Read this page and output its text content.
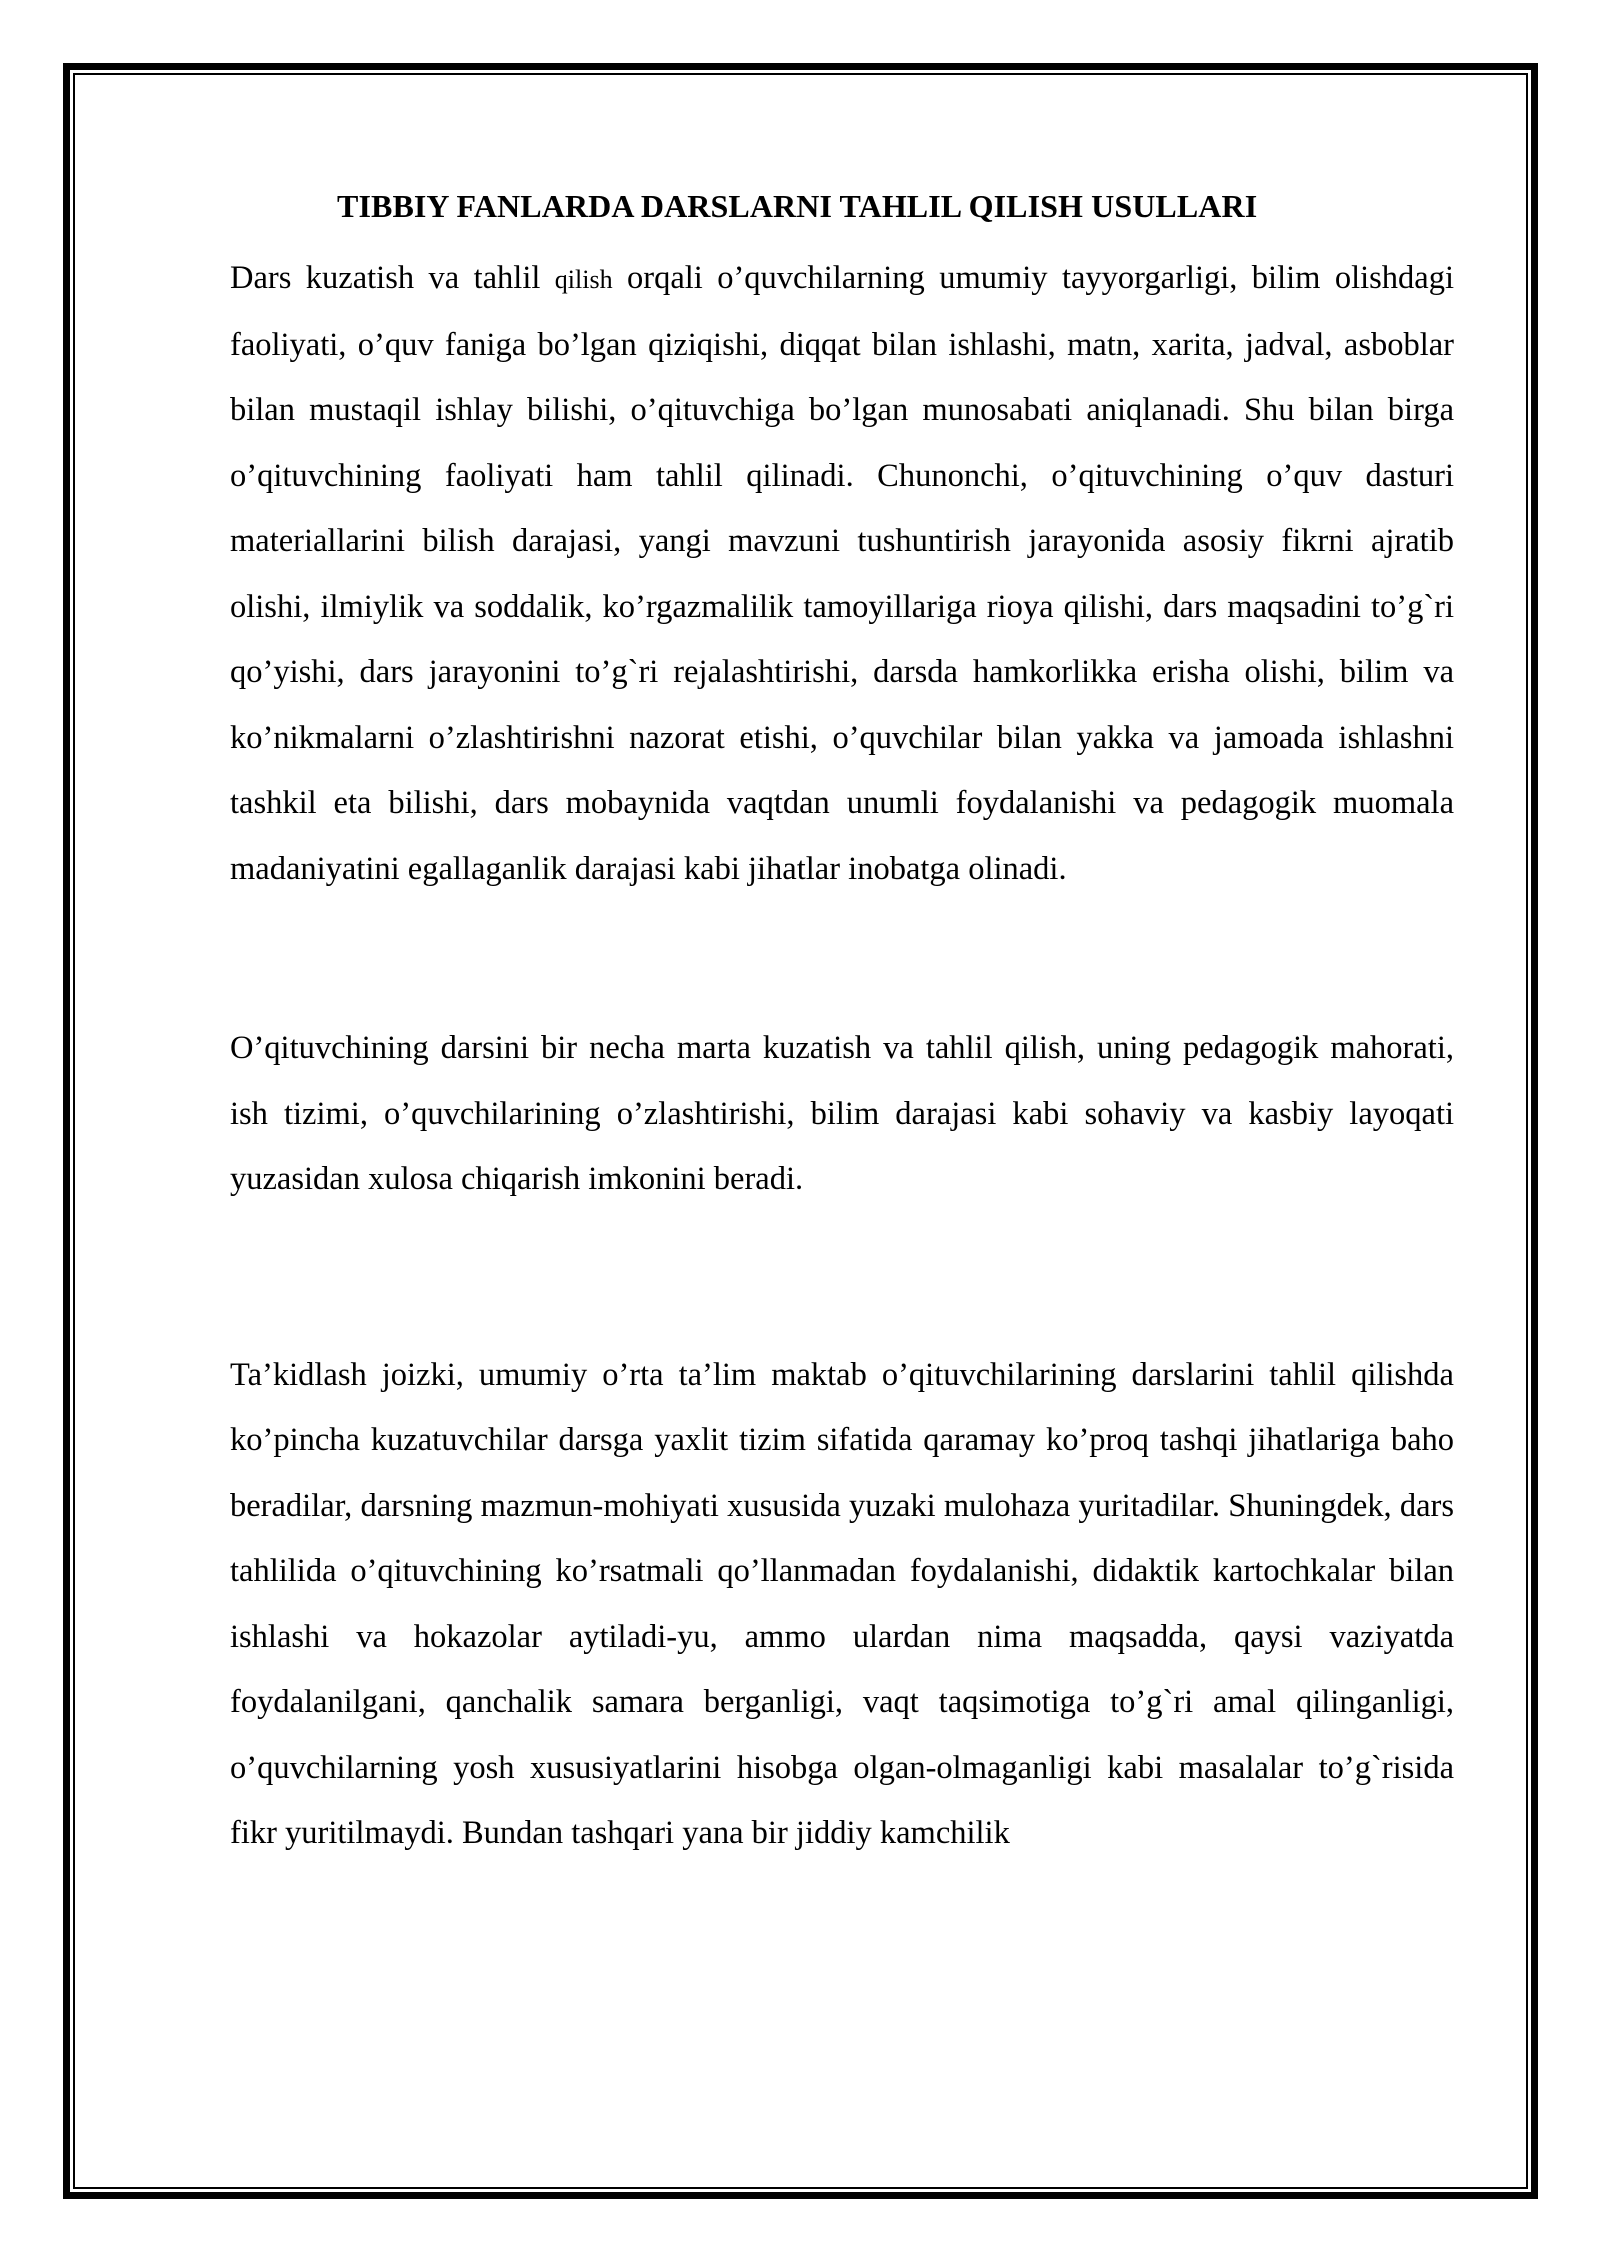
TIBBIY FANLARDA DARSLARNI TAHLIL QILISH USULLARI

Dars kuzatish va tahlil qilish orqali o’quvchilarning umumiy tayyorgarligi, bilim olishdagi faoliyati, o’quv faniga bo’lgan qiziqishi, diqqat bilan ishlashi, matn, xarita, jadval, asboblar bilan mustaqil ishlay bilishi, o’qituvchiga bo’lgan munosabati aniqlanadi. Shu bilan birga o’qituvchining faoliyati ham tahlil qilinadi. Chunonchi, o’qituvchining o’quv dasturi materiallarini bilish darajasi, yangi mavzuni tushuntirish jarayonida asosiy fikrni ajratib olishi, ilmiylik va soddalik, ko’rgazmalilik tamoyillariga rioya qilishi, dars maqsadini to’g`ri qo’yishi, dars jarayonini to’g`ri rejalashtirishi, darsda hamkorlikka erisha olishi, bilim va ko’nikmalarni o’zlashtirishni nazorat etishi, o’quvchilar bilan yakka va jamoada ishlashni tashkil eta bilishi, dars mobaynida vaqtdan unumli foydalanishi va pedagogik muomala madaniyatini egallaganlik darajasi kabi jihatlar inobatga olinadi.

O’qituvchining darsini bir necha marta kuzatish va tahlil qilish, uning pedagogik mahorati, ish tizimi, o’quvchilarining o’zlashtirishi, bilim darajasi kabi sohaviy va kasbiy layoqati yuzasidan xulosa chiqarish imkonini beradi.

Ta’kidlash joizki, umumiy o’rta ta’lim maktab o’qituvchilarining darslarini tahlil qilishda ko’pincha kuzatuvchilar darsga yaxlit tizim sifatida qaramay ko’proq tashqi jihatlariga baho beradilar, darsning mazmun-mohiyati xususida yuzaki mulohaza yuritadilar. Shuningdek, dars tahlilida o’qituvchining ko’rsatmali qo’llanmadan foydalanishi, didaktik kartochkalar bilan ishlashi va hokazolar aytiladi-yu, ammo ulardan nima maqsadda, qaysi vaziyatda foydalanilgani, qanchalik samara berganligi, vaqt taqsimotiga to’g`ri amal qilinganligi, o’quvchilarning yosh xususiyatlarini hisobga olgan-olmaganligi kabi masalalar to’g`risida fikr yuritilmaydi. Bundan tashqari yana bir jiddiy kamchilik
